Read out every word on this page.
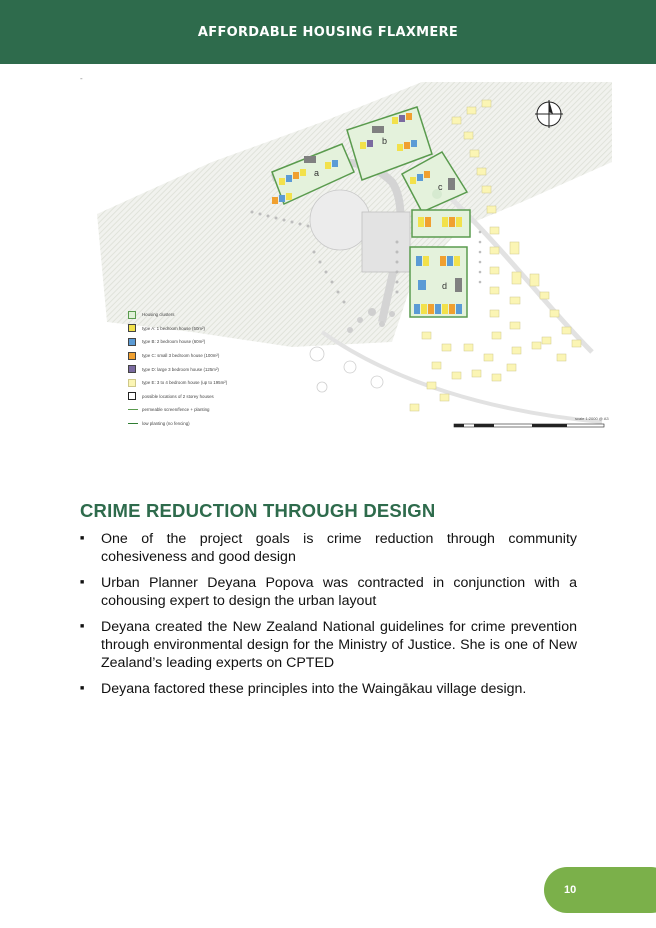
AFFORDABLE HOUSING FLAXMERE
-
a
b
c
d
Housing clusters
type A: 1 bedroom house (50m²)
type B: 2 bedroom house (60m²)
type C: small 3 bedroom house (100m²)
type D: large 3 bedroom house (125m²)
type E: 3 to 4 bedroom house (up to 195m²)
possible locations of 2 storey houses
permeable screen/fence + planting
low planting (no fencing)
scale 1:2000 @ A3
CRIME REDUCTION THROUGH DESIGN
■	One of the project goals is crime reduction through community cohesiveness and good design
■	Urban Planner Deyana Popova was contracted in conjunction with a cohousing expert to design the urban layout
■	Deyana created the New Zealand National guidelines for crime prevention through environmental design for the Ministry of Justice. She is one of New Zealand’s leading experts on CPTED
■	Deyana factored these principles into the Waingākau village design.
10
